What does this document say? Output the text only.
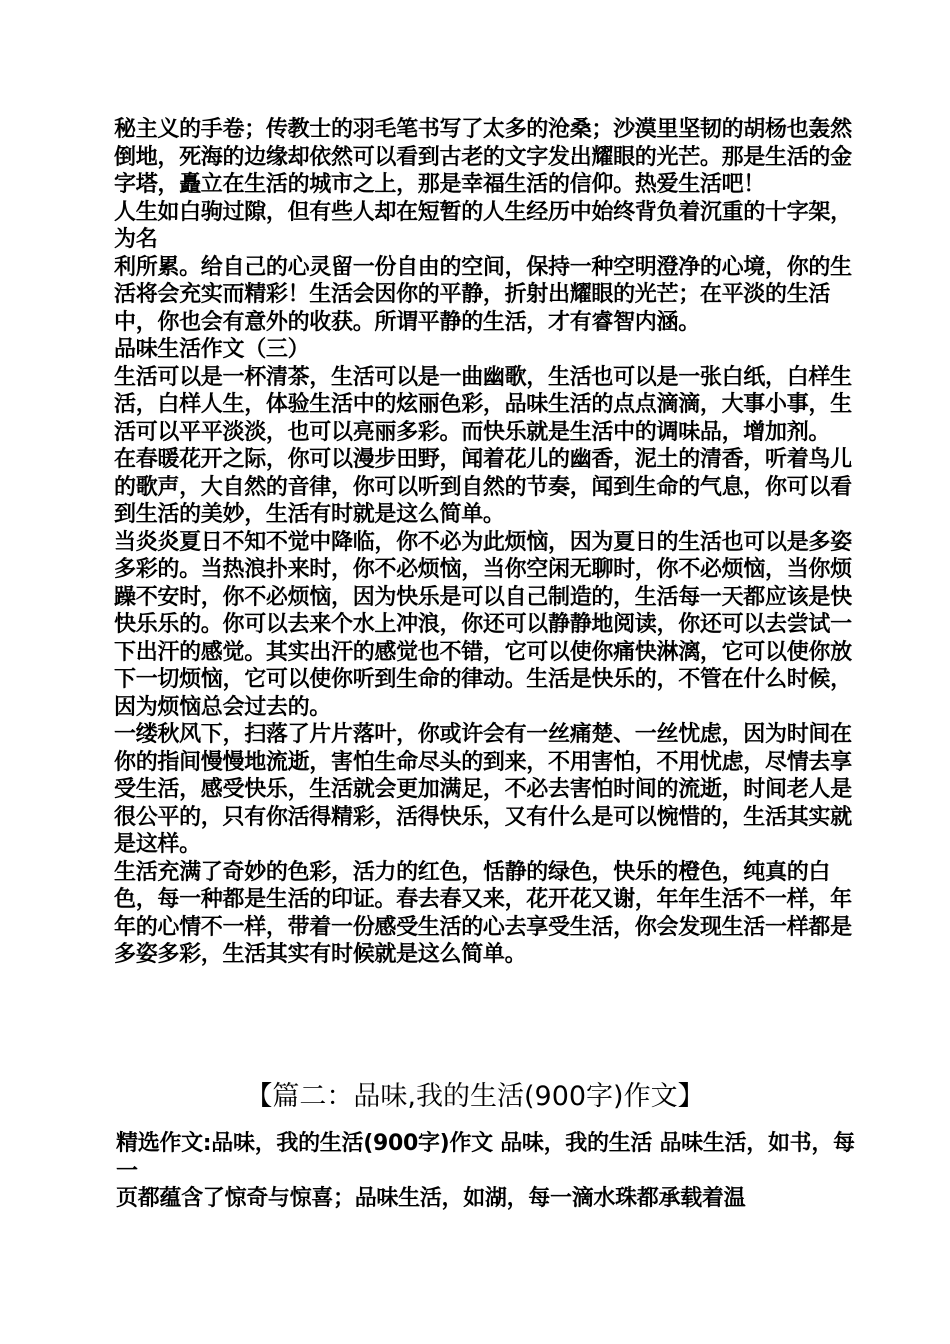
秘主义的手卷；传教士的羽毛笔书写了太多的沧桑；沙漠里坚韧的胡杨也轰然倒地，死海的边缘却依然可以看到古老的文字发出耀眼的光芒。那是生活的金字塔，矗立在生活的城市之上，那是幸福生活的信仰。热爱生活吧！

人生如白驹过隙，但有些人却在短暂的人生经历中始终背负着沉重的十字架，为名

利所累。给自己的心灵留一份自由的空间，保持一种空明澄净的心境，你的生活将会充实而精彩！生活会因你的平静，折射出耀眼的光芒；在平淡的生活中，你也会有意外的收获。所谓平静的生活，才有睿智内涵。

品味生活作文（三）

生活可以是一杯清茶，生活可以是一曲幽歌，生活也可以是一张白纸，白样生活，白样人生，体验生活中的炫丽色彩，品味生活的点点滴滴，大事小事，生活可以平平淡淡，也可以亮丽多彩。而快乐就是生活中的调味品，增加剂。

在春暖花开之际，你可以漫步田野，闻着花儿的幽香，泥土的清香，听着鸟儿的歌声，大自然的音律，你可以听到自然的节奏，闻到生命的气息，你可以看到生活的美妙，生活有时就是这么简单。

当炎炎夏日不知不觉中降临，你不必为此烦恼，因为夏日的生活也可以是多姿多彩的。当热浪扑来时，你不必烦恼，当你空闲无聊时，你不必烦恼，当你烦躁不安时，你不必烦恼，因为快乐是可以自己制造的，生活每一天都应该是快快乐乐的。你可以去来个水上冲浪，你还可以静静地阅读，你还可以去尝试一下出汗的感觉。其实出汗的感觉也不错，它可以使你痛快淋漓，它可以使你放下一切烦恼，它可以使你听到生命的律动。生活是快乐的，不管在什么时候，因为烦恼总会过去的。

一缕秋风下，扫落了片片落叶，你或许会有一丝痛楚、一丝忧虑，因为时间在你的指间慢慢地流逝，害怕生命尽头的到来，不用害怕，不用忧虑，尽情去享受生活，感受快乐，生活就会更加满足，不必去害怕时间的流逝，时间老人是很公平的，只有你活得精彩，活得快乐，又有什么是可以惋惜的，生活其实就是这样。

生活充满了奇妙的色彩，活力的红色，恬静的绿色，快乐的橙色，纯真的白色，每一种都是生活的印证。春去春又来，花开花又谢，年年生活不一样，年年的心情不一样，带着一份感受生活的心去享受生活，你会发现生活一样都是多姿多彩，生活其实有时候就是这么简单。

【篇二：品味,我的生活(900字)作文】

精选作文:品味，我的生活(900字)作文 品味，我的生活 品味生活，如书，每一

页都蕴含了惊奇与惊喜；品味生活，如湖，每一滴水珠都承载着温
